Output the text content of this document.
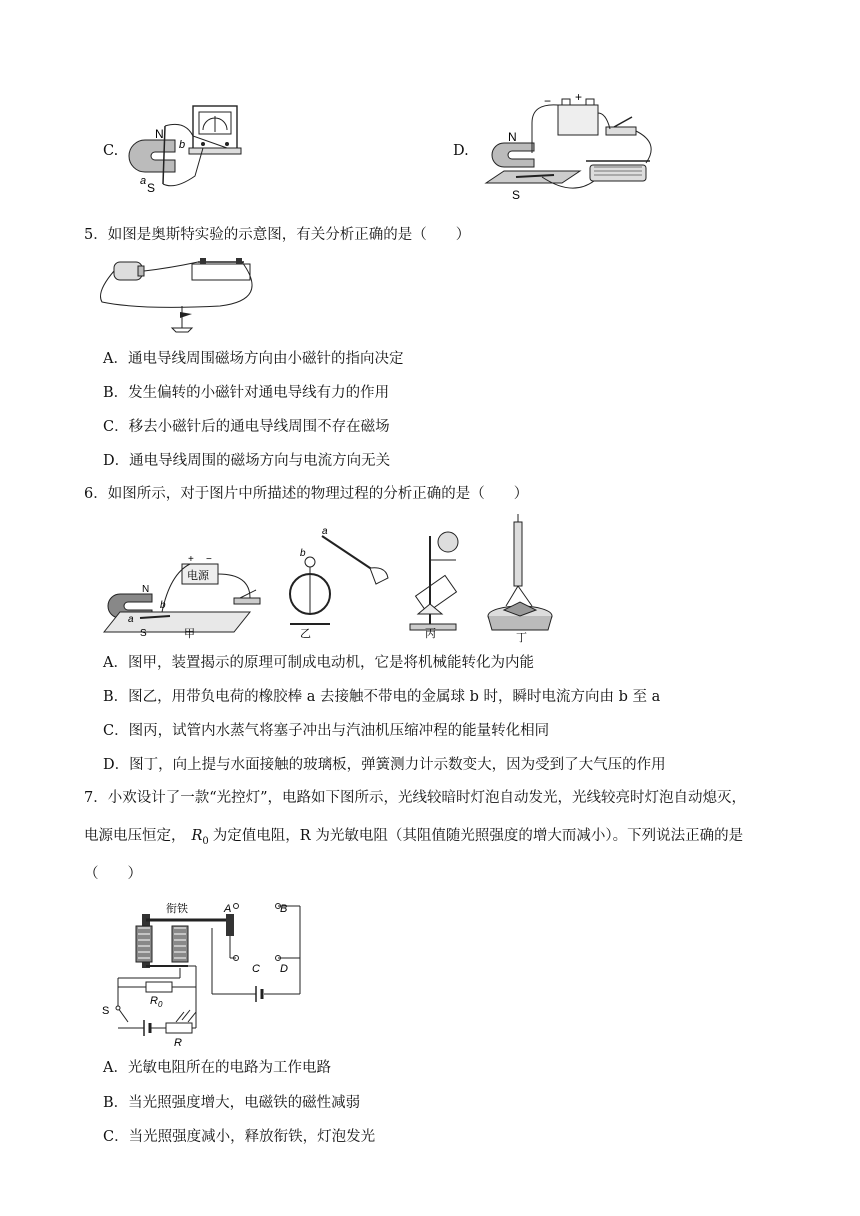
C.
N
S
a
b	D.
− +
N
S
5．如图是奥斯特实验的示意图，有关分析正确的是（　　）
A．通电导线周围磁场方向由小磁针的指向决定
B．发生偏转的小磁针对通电导线有力的作用
C．移去小磁针后的通电导线周围不存在磁场
D．通电导线周围的磁场方向与电流方向无关
6．如图所示，对于图片中所描述的物理过程的分析正确的是（　　）
电源
+ −
N
S
a
b
甲
a
b
乙	丙	丁
A．图甲，装置揭示的原理可制成电动机，它是将机械能转化为内能
B．图乙，用带负电荷的橡胶棒 a 去接触不带电的金属球 b 时，瞬时电流方向由 b 至 a
C．图丙，试管内水蒸气将塞子冲出与汽油机压缩冲程的能量转化相同
D．图丁，向上提与水面接触的玻璃板，弹簧测力计示数变大，因为受到了大气压的作用
7．小欢设计了一款“光控灯”，电路如下图所示，光线较暗时灯泡自动发光，光线较亮时灯泡自动熄灭，
电源电压恒定， $R_0$ 为定值电阻，R 为光敏电阻（其阻值随光照强度的增大而减小）。下列说法正确的是
（　　）
衔铁	A	B
C D
S
$R_0$
R
A．光敏电阻所在的电路为工作电路
B．当光照强度增大，电磁铁的磁性减弱
C．当光照强度减小，释放衔铁，灯泡发光
